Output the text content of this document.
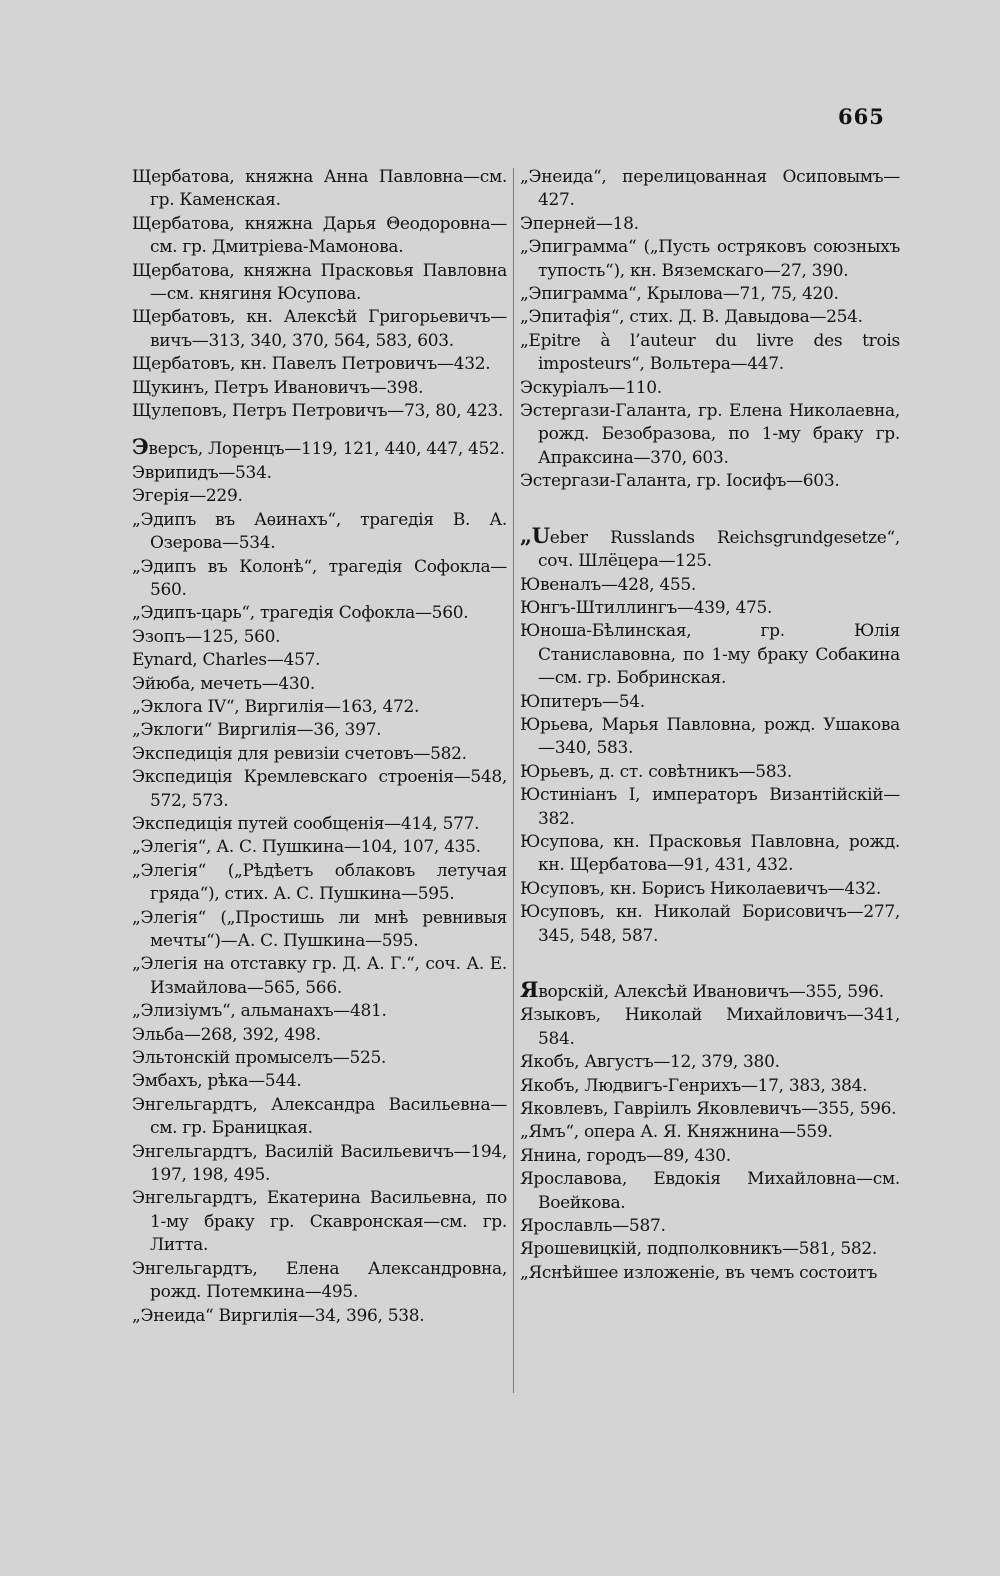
665

Щербатова, княжна Анна Павловна—см. гр. Каменская.

Щербатова, княжна Дарья Θеодоровна—см. гр. Дмитріева-Мамонова.

Щербатова, княжна Прасковья Павловна—см. княгиня Юсупова.

Щербатовъ, кн. Алексѣй Григорьевичъ—вичъ—313, 340, 370, 564, 583, 603.

Щербатовъ, кн. Павелъ Петровичъ—432.

Щукинъ, Петръ Ивановичъ—398.

Щулеповъ, Петръ Петровичъ—73, 80, 423.

Эверсъ, Лоренцъ—119, 121, 440, 447, 452.

Эврипидъ—534.

Эгерія—229.

„Эдипъ въ Аѳинахъ“, трагедія В. А. Озерова—534.

„Эдипъ въ Колонѣ“, трагедія Софокла—560.

„Эдипъ-царь“, трагедія Софокла—560.

Эзопъ—125, 560.

Eynard, Charles—457.

Эйюба, мечеть—430.

„Эклога IV“, Виргилія—163, 472.

„Эклоги“ Виргилія—36, 397.

Экспедиція для ревизіи счетовъ—582.

Экспедиція Кремлевскаго строенія—548, 572, 573.

Экспедиція путей сообщенія—414, 577.

„Элегія“, А. С. Пушкина—104, 107, 435.

„Элегія“ („Рѣдѣетъ облаковъ летучая гряда“), стих. А. С. Пушкина—595.

„Элегія“ („Простишь ли мнѣ ревнивыя мечты“)—А. С. Пушкина—595.

„Элегія на отставку гр. Д. А. Г.“, соч. А. Е. Измайлова—565, 566.

„Элизіумъ“, альманахъ—481.

Эльба—268, 392, 498.

Эльтонскій промыселъ—525.

Эмбахъ, рѣка—544.

Энгельгардтъ, Александра Васильевна—см. гр. Браницкая.

Энгельгардтъ, Василій Васильевичъ—194, 197, 198, 495.

Энгельгардтъ, Екатерина Васильевна, по 1-му браку гр. Скавронская—см. гр. Литта.

Энгельгардтъ, Елена Александровна, рожд. Потемкина—495.

„Энеида“ Виргилія—34, 396, 538.

„Энеида“, перелицованная Осиповымъ—427.

Эперней—18.

„Эпиграмма“ („Пусть остряковъ союзныхъ тупость“), кн. Вяземскаго—27, 390.

„Эпиграмма“, Крылова—71, 75, 420.

„Эпитафія“, стих. Д. В. Давыдова—254.

„Epitre à l’auteur du livre des trois imposteurs“, Вольтера—447.

Эскуріалъ—110.

Эстергази-Галанта, гр. Елена Николаевна, рожд. Безобразова, по 1-му браку гр. Апраксина—370, 603.

Эстергази-Галанта, гр. Іосифъ—603.

„Ueber Russlands Reichsgrundgesetze“, соч. Шлёцера—125.

Ювеналъ—428, 455.

Юнгъ-Штиллингъ—439, 475.

Юноша-Бѣлинская, гр. Юлія Станиславовна, по 1-му браку Собакина—см. гр. Бобринская.

Юпитеръ—54.

Юрьева, Марья Павловна, рожд. Ушакова—340, 583.

Юрьевъ, д. ст. совѣтникъ—583.

Юстиніанъ I, императоръ Византійскій—382.

Юсупова, кн. Прасковья Павловна, рожд. кн. Щербатова—91, 431, 432.

Юсуповъ, кн. Борисъ Николаевичъ—432.

Юсуповъ, кн. Николай Борисовичъ—277, 345, 548, 587.

Яворскій, Алексѣй Ивановичъ—355, 596.

Языковъ, Николай Михайловичъ—341, 584.

Якобъ, Августъ—12, 379, 380.

Якобъ, Людвигъ-Генрихъ—17, 383, 384.

Яковлевъ, Гавріилъ Яковлевичъ—355, 596.

„Ямъ“, опера А. Я. Княжнина—559.

Янина, городъ—89, 430.

Ярославова, Евдокія Михайловна—см. Воейкова.

Ярославль—587.

Ярошевицкій, подполковникъ—581, 582.

„Яснѣйшее изложеніе, въ чемъ состоитъ
